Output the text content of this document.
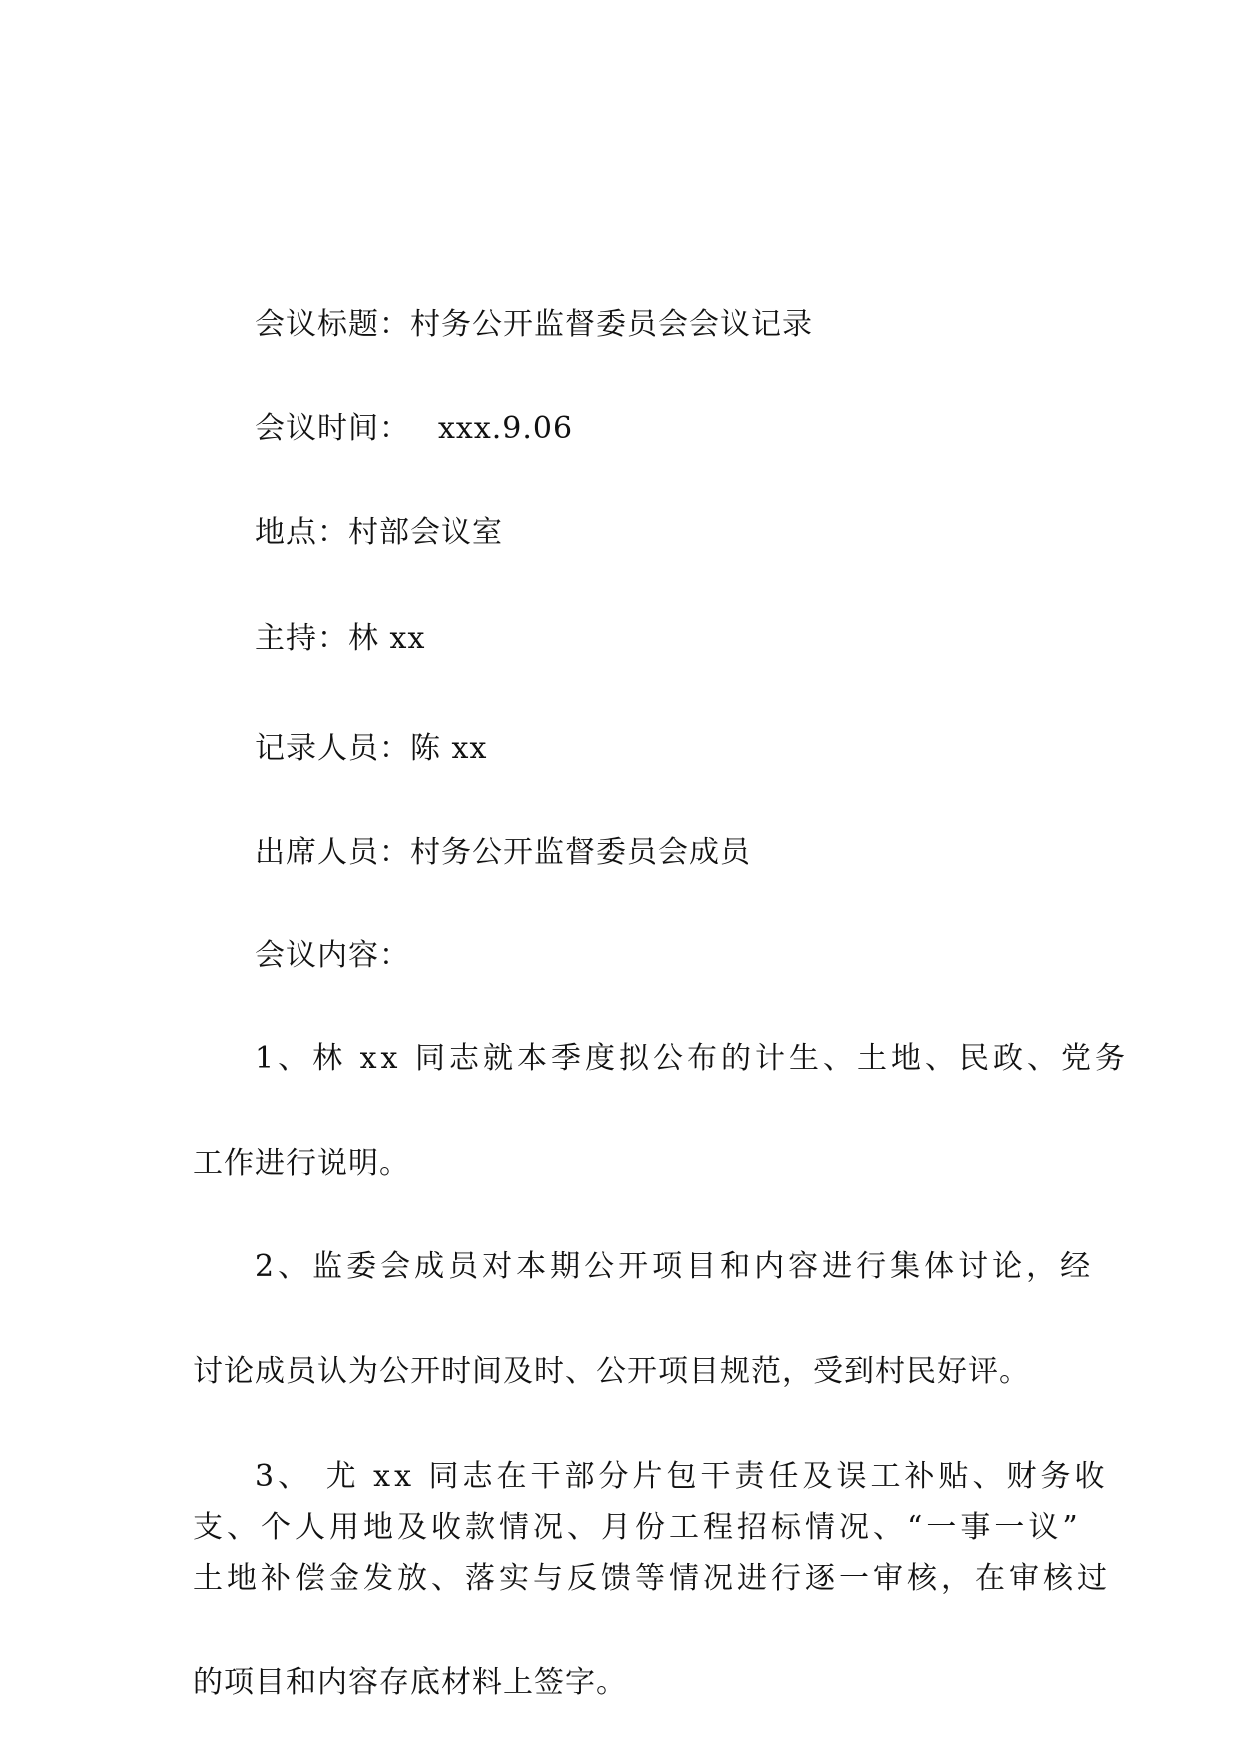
会议标题：村务公开监督委员会会议记录
会议时间： xxx.9.06
地点：村部会议室
主持：林 xx
记录人员：陈 xx
出席人员：村务公开监督委员会成员
会议内容：
1、林 xx 同志就本季度拟公布的计生、土地、民政、党务
工作进行说明。
2、监委会成员对本期公开项目和内容进行集体讨论，经
讨论成员认为公开时间及时、公开项目规范，受到村民好评。
3、 尤 xx 同志在干部分片包干责任及误工补贴、财务收
支、个人用地及收款情况、月份工程招标情况、“一事一议”
土地补偿金发放、落实与反馈等情况进行逐一审核，在审核过
的项目和内容存底材料上签字。
